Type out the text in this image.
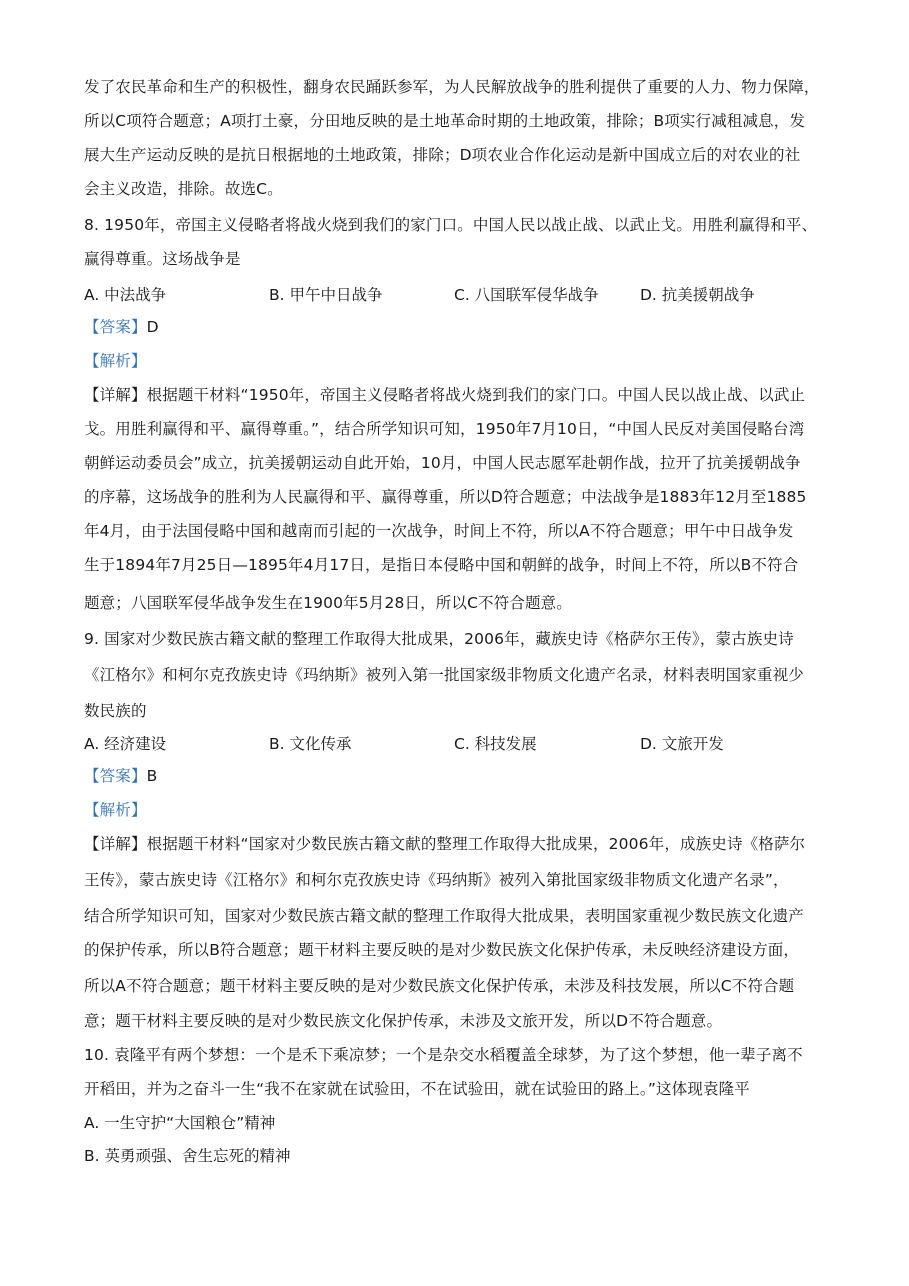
发了农民革命和生产的积极性，翻身农民踊跃参军，为人民解放战争的胜利提供了重要的人力、物力保障，
所以C项符合题意；A项打土豪，分田地反映的是土地革命时期的土地政策，排除；B项实行减租减息，发
展大生产运动反映的是抗日根据地的土地政策，排除；D项农业合作化运动是新中国成立后的对农业的社
会主义改造，排除。故选C。
8. 1950年，帝国主义侵略者将战火烧到我们的家门口。中国人民以战止战、以武止戈。用胜利赢得和平、
赢得尊重。这场战争是
A. 中法战争	B. 甲午中日战争	C. 八国联军侵华战争	D. 抗美援朝战争
【答案】D
【解析】
【详解】根据题干材料“1950年，帝国主义侵略者将战火烧到我们的家门口。中国人民以战止战、以武止
戈。用胜利赢得和平、赢得尊重。”，结合所学知识可知，1950年7月10日，“中国人民反对美国侵略台湾
朝鲜运动委员会”成立，抗美援朝运动自此开始，10月，中国人民志愿军赴朝作战，拉开了抗美援朝战争
的序幕，这场战争的胜利为人民赢得和平、赢得尊重，所以D符合题意；中法战争是1883年12月至1885
年4月，由于法国侵略中国和越南而引起的一次战争，时间上不符，所以A不符合题意；甲午中日战争发
生于1894年7月25日—1895年4月17日，是指日本侵略中国和朝鲜的战争，时间上不符，所以B不符合
题意；八国联军侵华战争发生在1900年5月28日，所以C不符合题意。
9. 国家对少数民族古籍文献的整理工作取得大批成果，2006年，藏族史诗《格萨尔王传》，蒙古族史诗
《江格尔》和柯尔克孜族史诗《玛纳斯》被列入第一批国家级非物质文化遗产名录，材料表明国家重视少
数民族的
A. 经济建设	B. 文化传承	C. 科技发展	D. 文旅开发
【答案】B
【解析】
【详解】根据题干材料“国家对少数民族古籍文献的整理工作取得大批成果，2006年，成族史诗《格萨尔
王传》，蒙古族史诗《江格尔》和柯尔克孜族史诗《玛纳斯》被列入第批国家级非物质文化遗产名录”，
结合所学知识可知，国家对少数民族古籍文献的整理工作取得大批成果，表明国家重视少数民族文化遗产
的保护传承，所以B符合题意；题干材料主要反映的是对少数民族文化保护传承，未反映经济建设方面，
所以A不符合题意；题干材料主要反映的是对少数民族文化保护传承，未涉及科技发展，所以C不符合题
意；题干材料主要反映的是对少数民族文化保护传承，未涉及文旅开发，所以D不符合题意。
10. 袁隆平有两个梦想：一个是禾下乘凉梦；一个是杂交水稻覆盖全球梦，为了这个梦想，他一辈子离不
开稻田，并为之奋斗一生“我不在家就在试验田，不在试验田，就在试验田的路上。”这体现袁隆平
A. 一生守护“大国粮仓”精神
B. 英勇顽强、舍生忘死的精神
